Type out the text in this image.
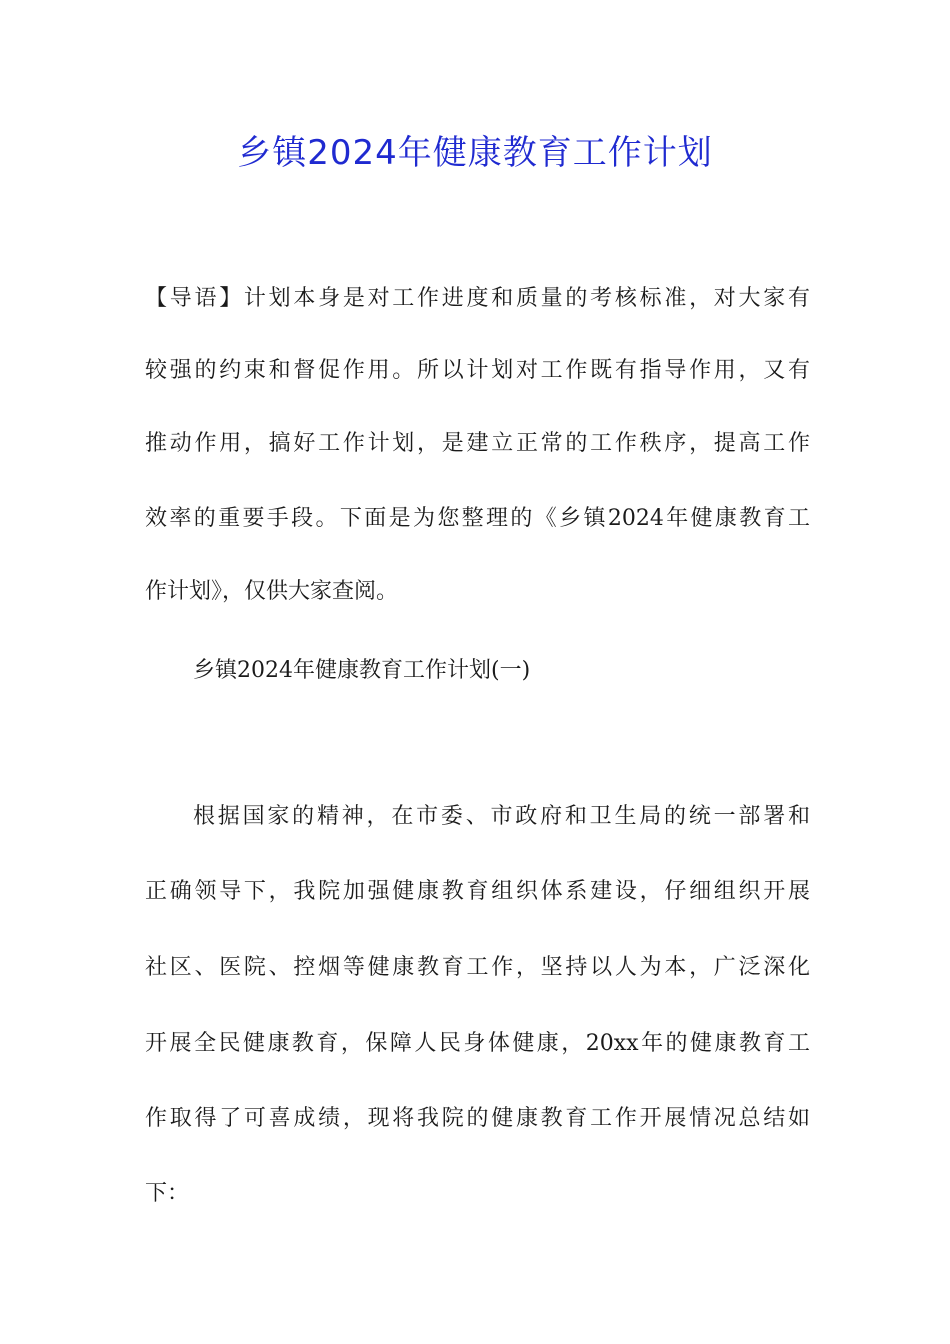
乡镇2024年健康教育工作计划

【导语】计划本身是对工作进度和质量的考核标准，对大家有

较强的约束和督促作用。所以计划对工作既有指导作用，又有

推动作用，搞好工作计划，是建立正常的工作秩序，提高工作

效率的重要手段。下面是为您整理的《乡镇2024年健康教育工

作计划》，仅供大家查阅。

乡镇2024年健康教育工作计划(一)

根据国家的精神，在市委、市政府和卫生局的统一部署和

正确领导下，我院加强健康教育组织体系建设，仔细组织开展

社区、医院、控烟等健康教育工作，坚持以人为本，广泛深化

开展全民健康教育，保障人民身体健康，20xx年的健康教育工

作取得了可喜成绩，现将我院的健康教育工作开展情况总结如

下：
